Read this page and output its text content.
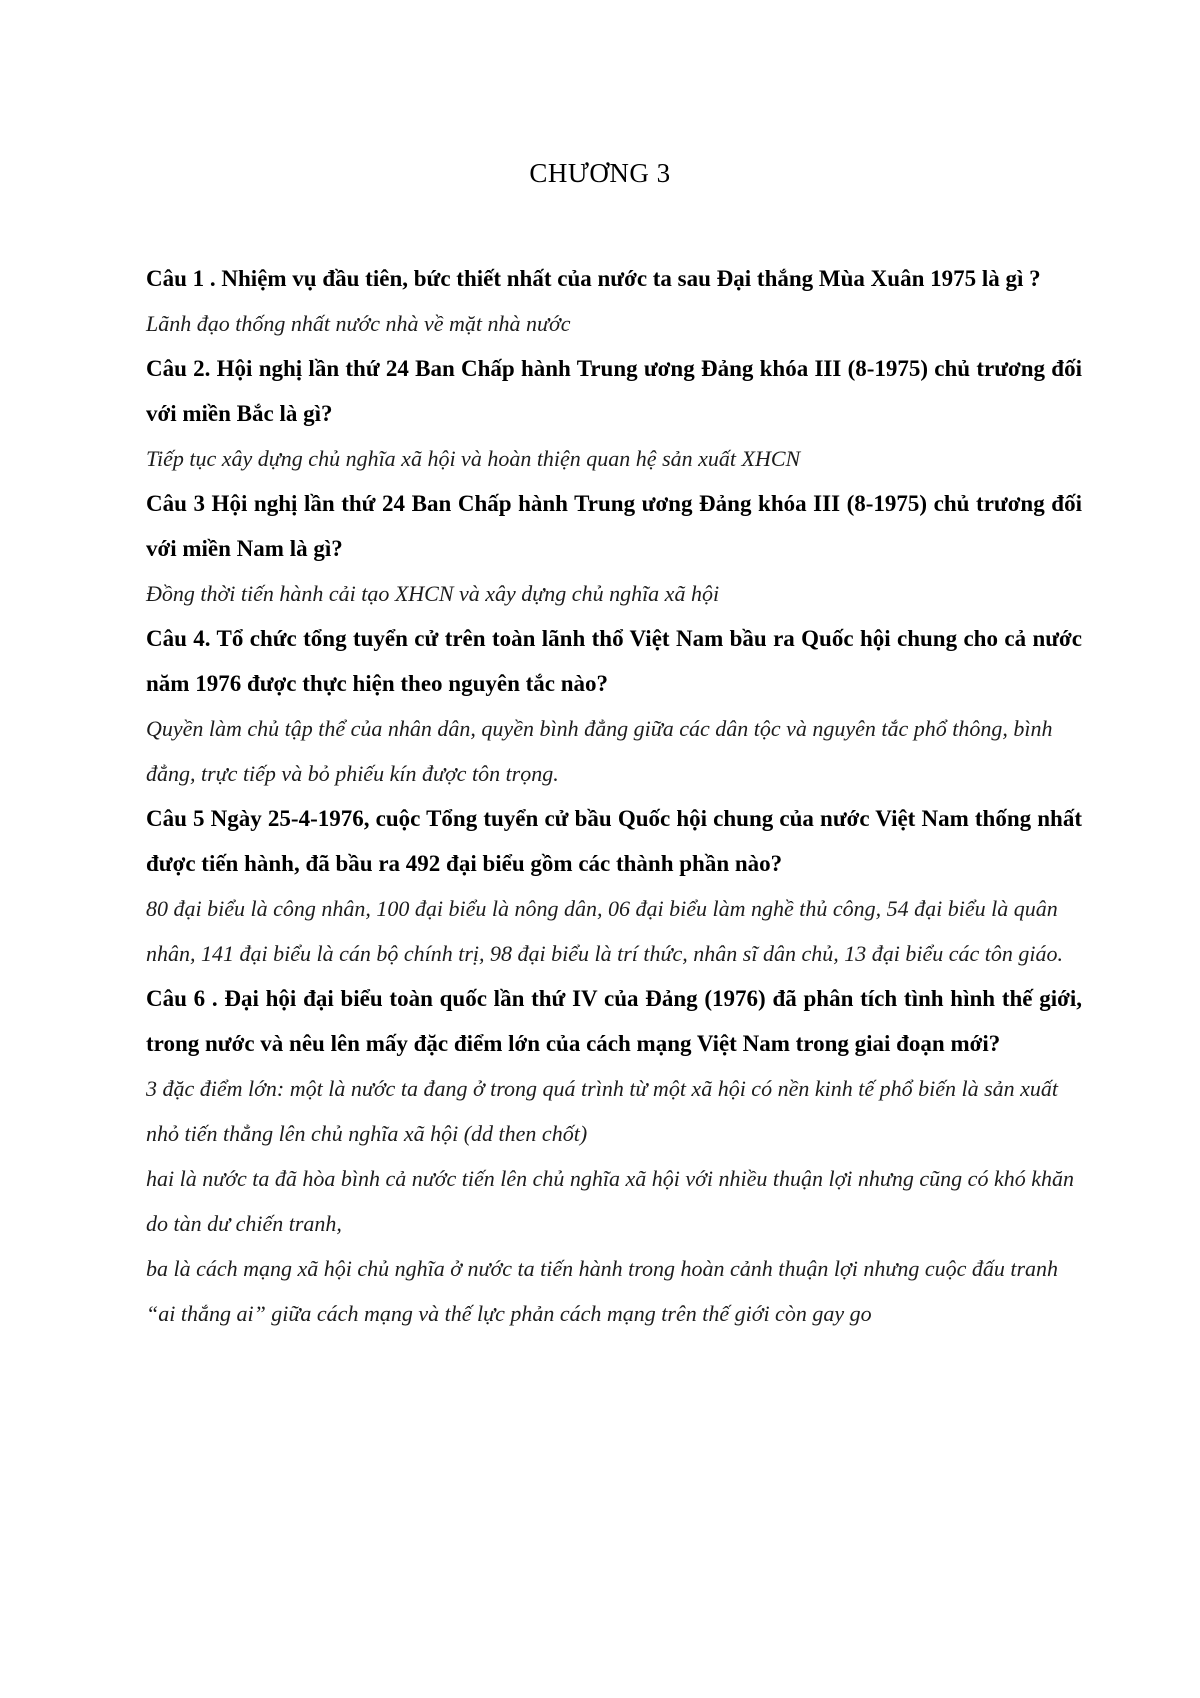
CHƯƠNG 3

Câu 1 . Nhiệm vụ đầu tiên, bức thiết nhất của nước ta sau Đại thắng Mùa Xuân 1975 là gì ?

Lãnh đạo thống nhất nước nhà về mặt nhà nước

Câu 2. Hội nghị lần thứ 24 Ban Chấp hành Trung ương Đảng khóa III (8-1975) chủ trương đối với miền Bắc là gì?

Tiếp tục xây dựng chủ nghĩa xã hội và hoàn thiện quan hệ sản xuất XHCN

Câu 3 Hội nghị lần thứ 24 Ban Chấp hành Trung ương Đảng khóa III (8-1975) chủ trương đối với miền Nam là gì?

Đồng thời tiến hành cải tạo XHCN và xây dựng chủ nghĩa xã hội

Câu 4. Tổ chức tổng tuyển cử trên toàn lãnh thổ Việt Nam bầu ra Quốc hội chung cho cả nước năm 1976 được thực hiện theo nguyên tắc nào?

Quyền làm chủ tập thể của nhân dân, quyền bình đẳng giữa các dân tộc và nguyên tắc phổ thông, bình đẳng, trực tiếp và bỏ phiếu kín được tôn trọng.

Câu 5 Ngày 25-4-1976, cuộc Tổng tuyển cử bầu Quốc hội chung của nước Việt Nam thống nhất được tiến hành, đã bầu ra 492 đại biểu gồm các thành phần nào?

80 đại biểu là công nhân, 100 đại biểu là nông dân, 06 đại biểu làm nghề thủ công, 54 đại biểu là quân nhân, 141 đại biểu là cán bộ chính trị, 98 đại biểu là trí thức, nhân sĩ dân chủ, 13 đại biểu các tôn giáo.

Câu 6 . Đại hội đại biểu toàn quốc lần thứ IV của Đảng (1976) đã phân tích tình hình thế giới, trong nước và nêu lên mấy đặc điểm lớn của cách mạng Việt Nam trong giai đoạn mới?

3 đặc điểm lớn: một là nước ta đang ở trong quá trình từ một xã hội có nền kinh tế phổ biến là sản xuất nhỏ tiến thẳng lên chủ nghĩa xã hội (dd then chốt)
hai là nước ta đã hòa bình cả nước tiến lên chủ nghĩa xã hội với nhiều thuận lợi nhưng cũng có khó khăn do tàn dư chiến tranh,
ba là cách mạng xã hội chủ nghĩa ở nước ta tiến hành trong hoàn cảnh thuận lợi nhưng cuộc đấu tranh “ai thắng ai” giữa cách mạng và thế lực phản cách mạng trên thế giới còn gay go
